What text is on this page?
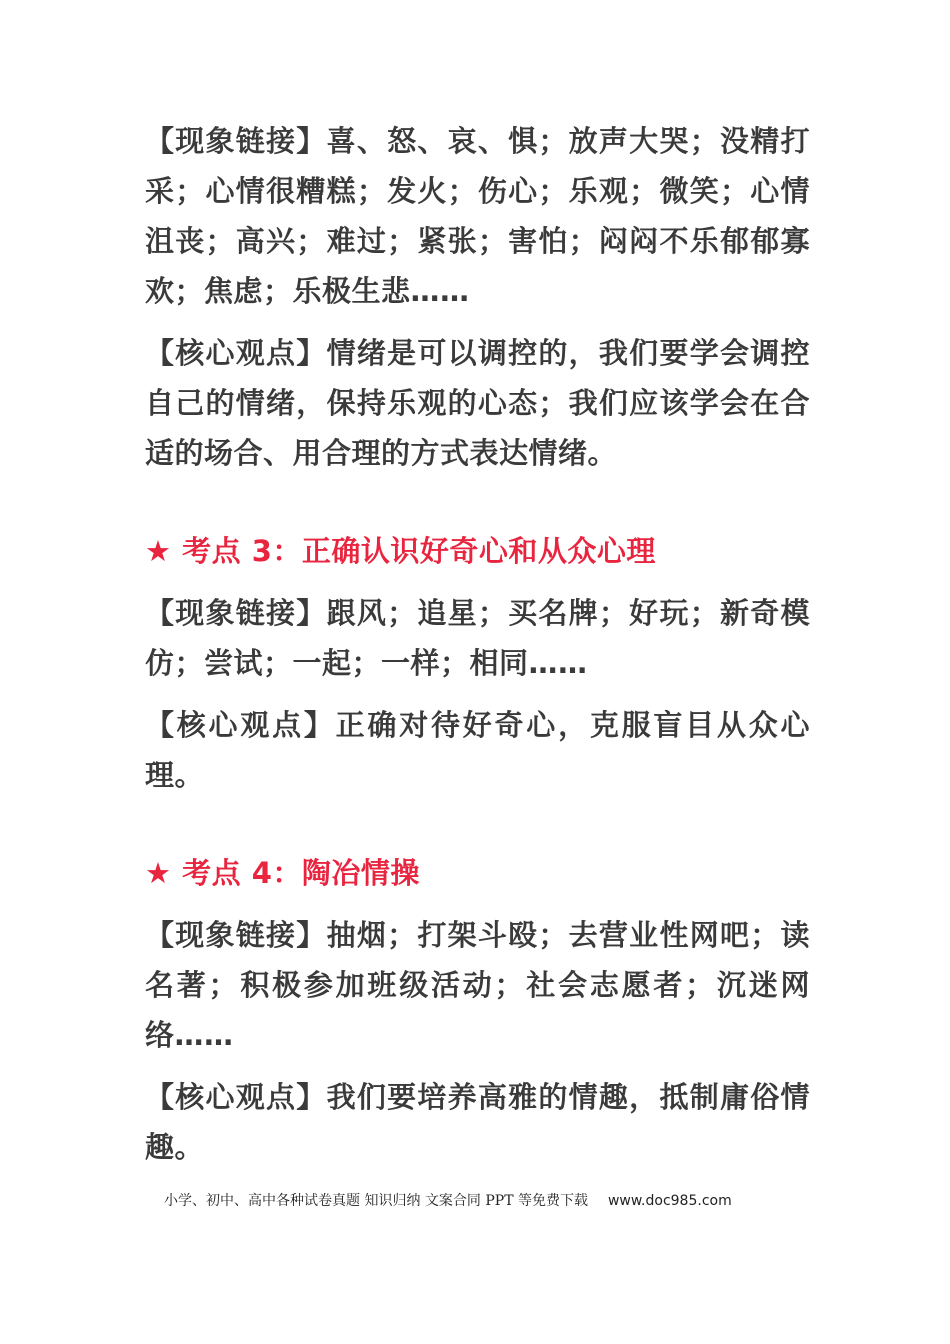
【现象链接】喜、怒、哀、惧；放声大哭；没精打采；心情很糟糕；发火；伤心；乐观；微笑；心情沮丧；高兴；难过；紧张；害怕；闷闷不乐郁郁寡欢；焦虑；乐极生悲……

【核心观点】情绪是可以调控的，我们要学会调控自己的情绪，保持乐观的心态；我们应该学会在合适的场合、用合理的方式表达情绪。

★ 考点 3：正确认识好奇心和从众心理

【现象链接】跟风；追星；买名牌；好玩；新奇模仿；尝试；一起；一样；相同……

【核心观点】正确对待好奇心，克服盲目从众心理。

★ 考点 4：陶冶情操

【现象链接】抽烟；打架斗殴；去营业性网吧；读名著；积极参加班级活动；社会志愿者；沉迷网络……

【核心观点】我们要培养高雅的情趣，抵制庸俗情趣。

小学、初中、高中各种试卷真题 知识归纳 文案合同 PPT 等免费下载 www.doc985.com
